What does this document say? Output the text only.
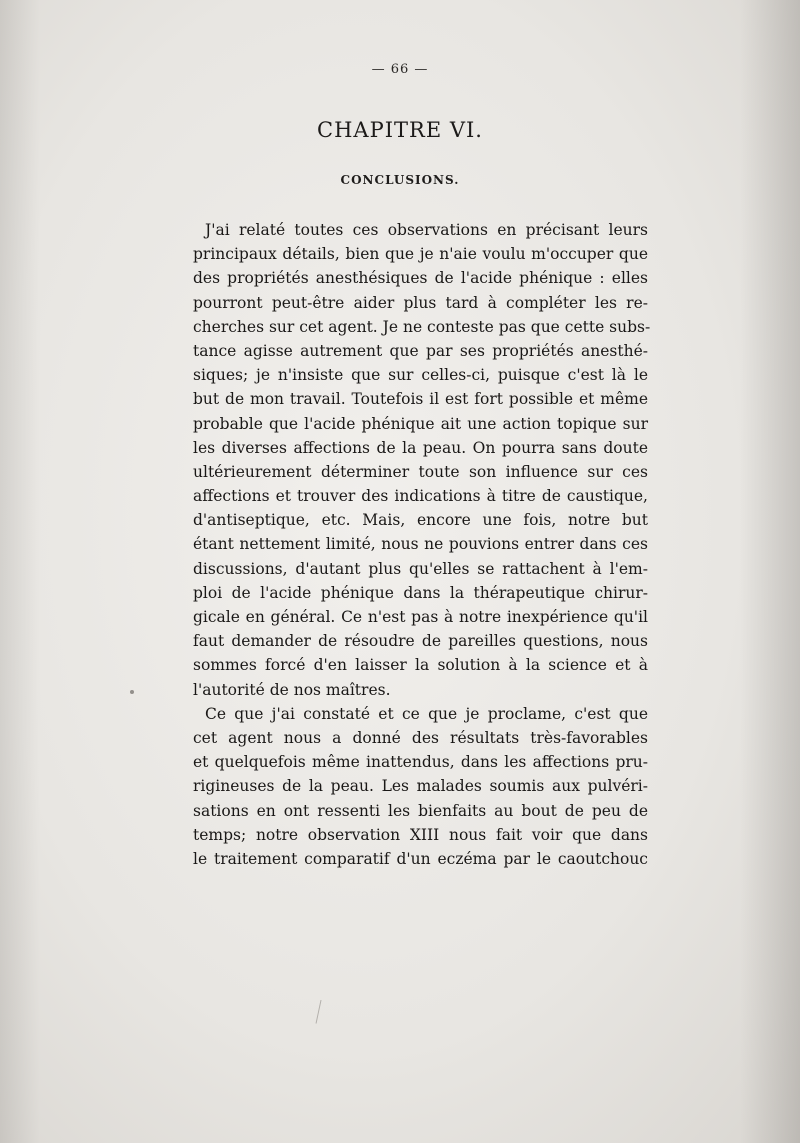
— 66 —
CHAPITRE VI.
CONCLUSIONS.
J'ai relaté toutes ces observations en précisant leurs
principaux détails, bien que je n'aie voulu m'occuper que
des propriétés anesthésiques de l'acide phénique : elles
pourront peut-être aider plus tard à compléter les re-
cherches sur cet agent. Je ne conteste pas que cette subs-
tance agisse autrement que par ses propriétés anesthé-
siques; je n'insiste que sur celles-ci, puisque c'est là le
but de mon travail. Toutefois il est fort possible et même
probable que l'acide phénique ait une action topique sur
les diverses affections de la peau. On pourra sans doute
ultérieurement déterminer toute son influence sur ces
affections et trouver des indications à titre de caustique,
d'antiseptique, etc. Mais, encore une fois, notre but
étant nettement limité, nous ne pouvions entrer dans ces
discussions, d'autant plus qu'elles se rattachent à l'em-
ploi de l'acide phénique dans la thérapeutique chirur-
gicale en général. Ce n'est pas à notre inexpérience qu'il
faut demander de résoudre de pareilles questions, nous
sommes forcé d'en laisser la solution à la science et à
l'autorité de nos maîtres.
Ce que j'ai constaté et ce que je proclame, c'est que
cet agent nous a donné des résultats très-favorables
et quelquefois même inattendus, dans les affections pru-
rigineuses de la peau. Les malades soumis aux pulvéri-
sations en ont ressenti les bienfaits au bout de peu de
temps; notre observation XIII nous fait voir que dans
le traitement comparatif d'un eczéma par le caoutchouc
